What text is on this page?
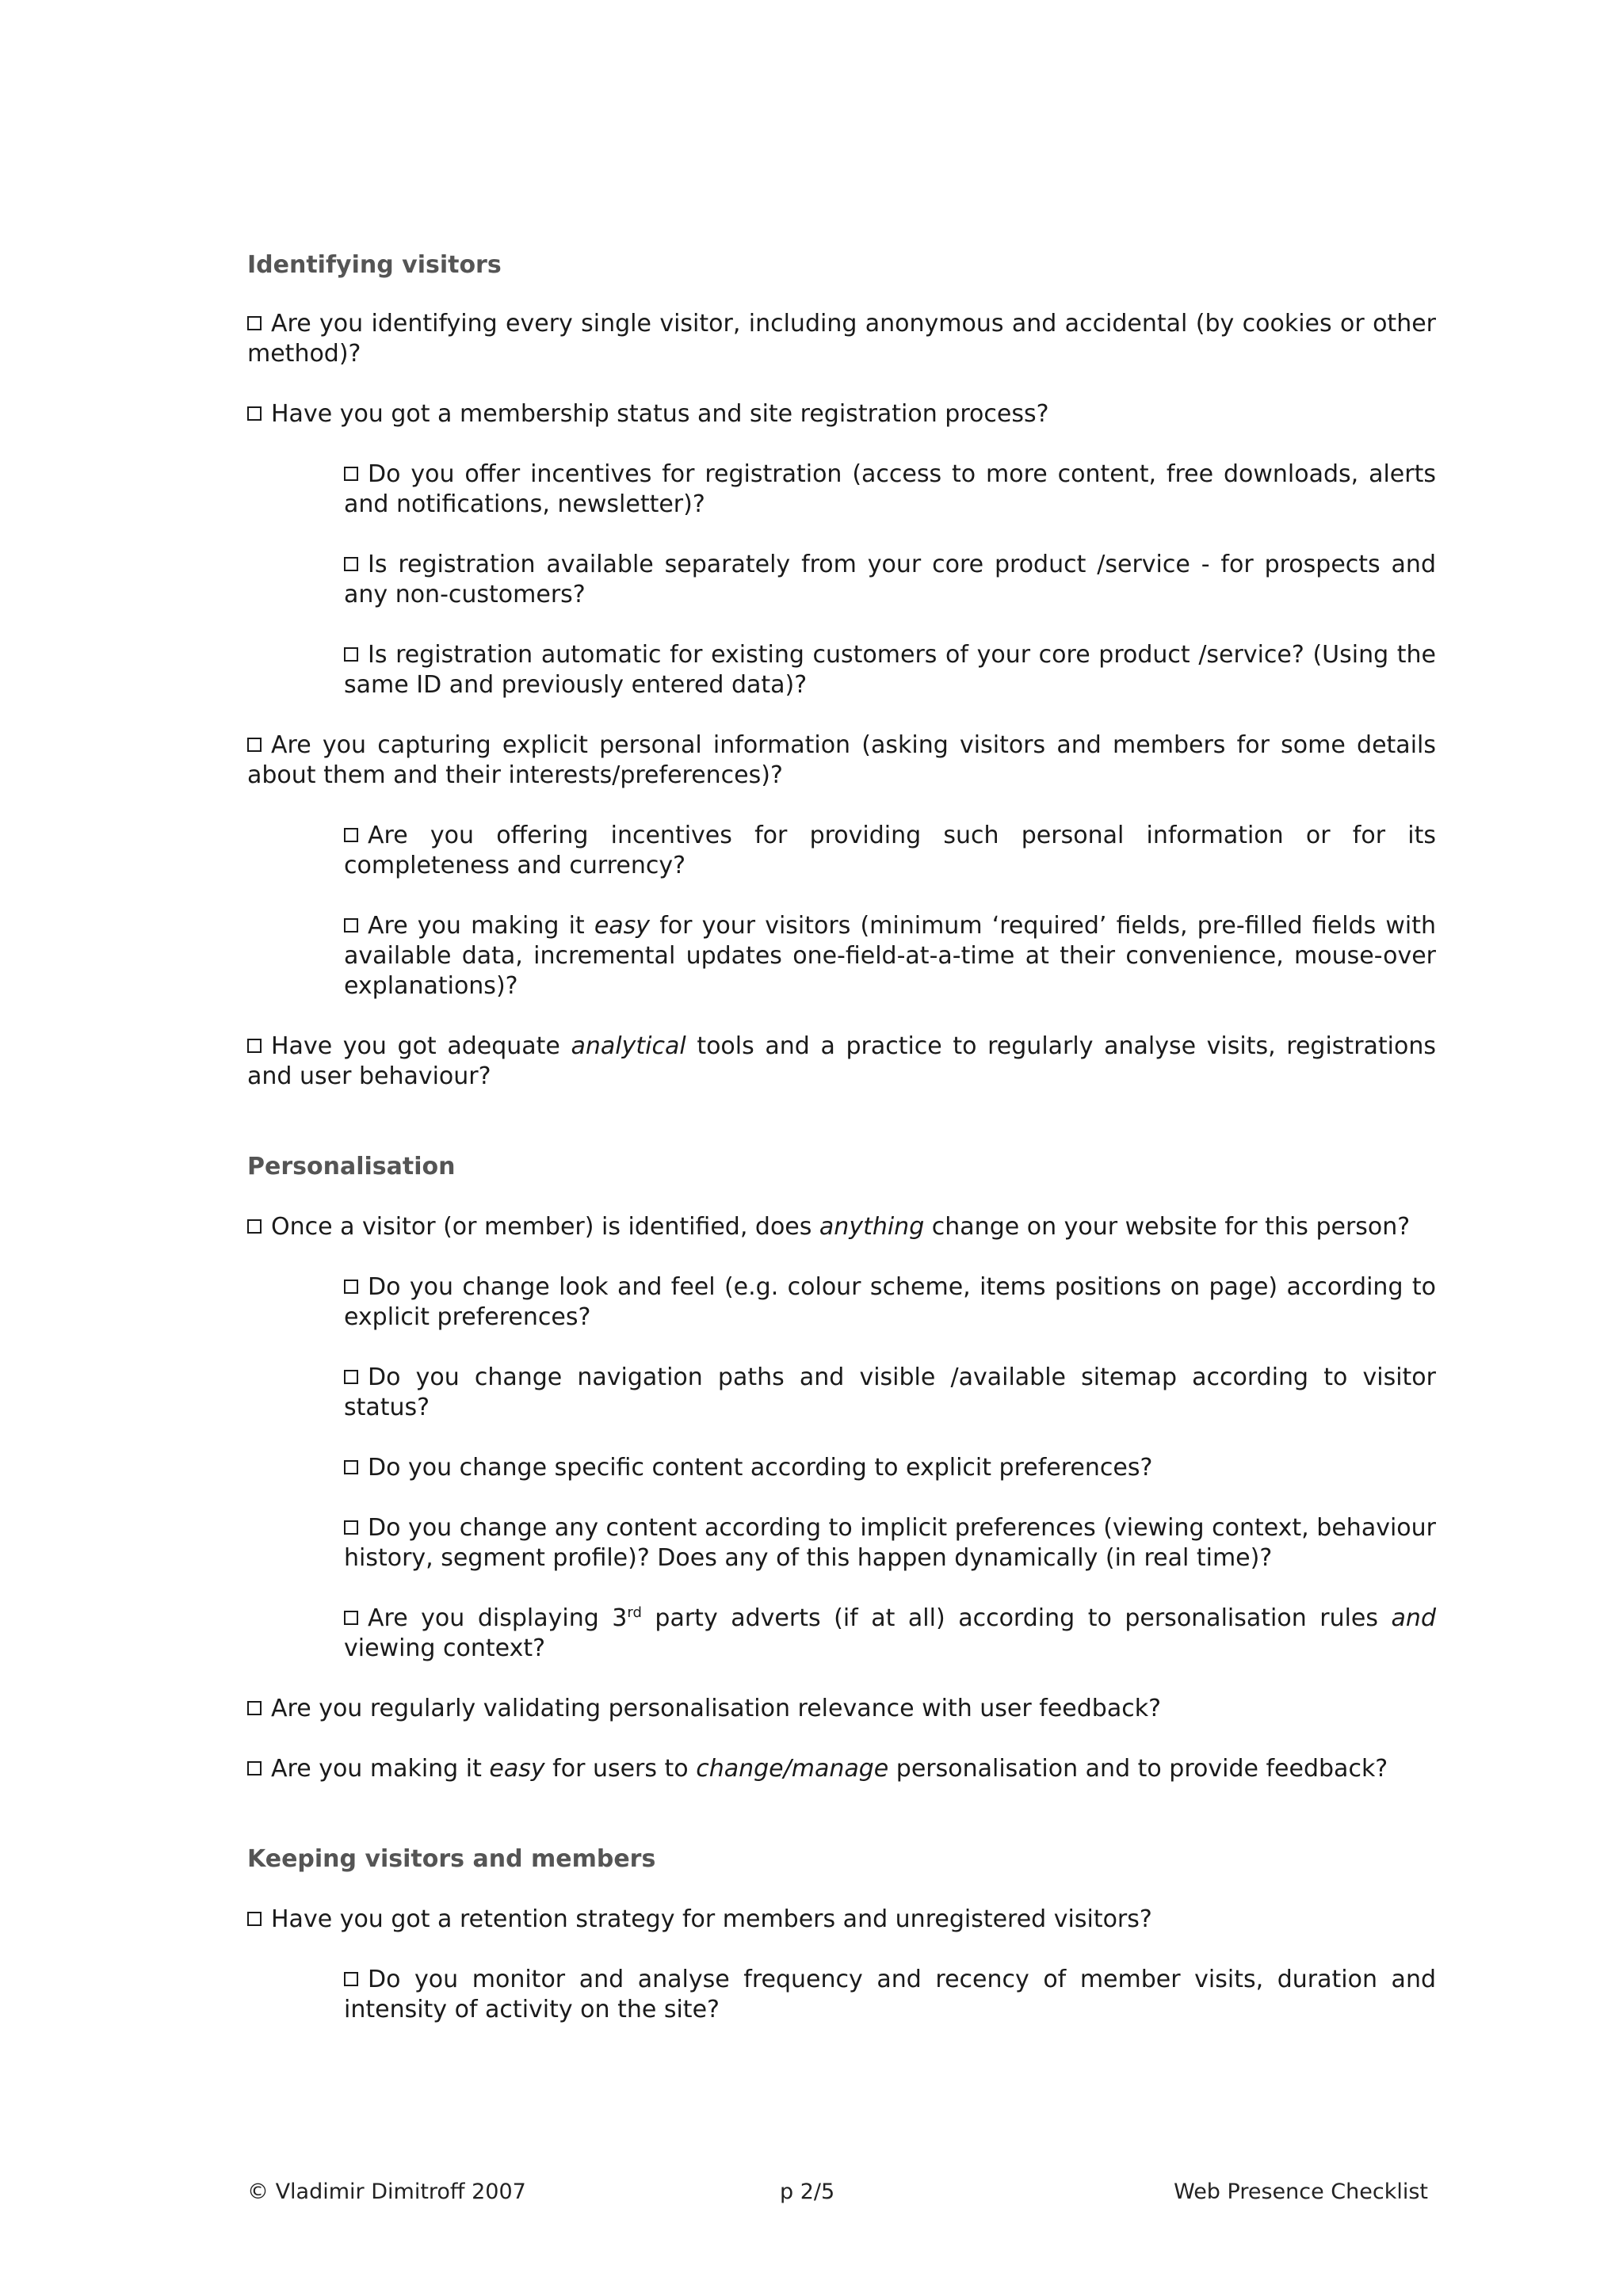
Identifying visitors
Are you identifying every single visitor, including anonymous and accidental (by cookies or other method)?
Have you got a membership status and site registration process?
Do you offer incentives for registration (access to more content, free downloads, alerts and notifications, newsletter)?
Is registration available separately from your core product /service - for prospects and any non-customers?
Is registration automatic for existing customers of your core product /service? (Using the same ID and previously entered data)?
Are you capturing explicit personal information (asking visitors and members for some details about them and their interests/preferences)?
Are you offering incentives for providing such personal information or for its completeness and currency?
Are you making it easy for your visitors (minimum ‘required’ fields, pre-filled fields with available data, incremental updates one-field-at-a-time at their convenience, mouse-over explanations)?
Have you got adequate analytical tools and a practice to regularly analyse visits, registrations and user behaviour?
Personalisation
Once a visitor (or member) is identified, does anything change on your website for this person?
Do you change look and feel (e.g. colour scheme, items positions on page) according to explicit preferences?
Do you change navigation paths and visible /available sitemap according to visitor status?
Do you change specific content according to explicit preferences?
Do you change any content according to implicit preferences (viewing context, behaviour history, segment profile)? Does any of this happen dynamically (in real time)?
Are you displaying 3rd party adverts (if at all) according to personalisation rules and viewing context?
Are you regularly validating personalisation relevance with user feedback?
Are you making it easy for users to change/manage personalisation and to provide feedback?
Keeping visitors and members
Have you got a retention strategy for members and unregistered visitors?
Do you monitor and analyse frequency and recency of member visits, duration and intensity of activity on the site?
© Vladimir Dimitroff 2007	p 2/5	Web Presence Checklist
